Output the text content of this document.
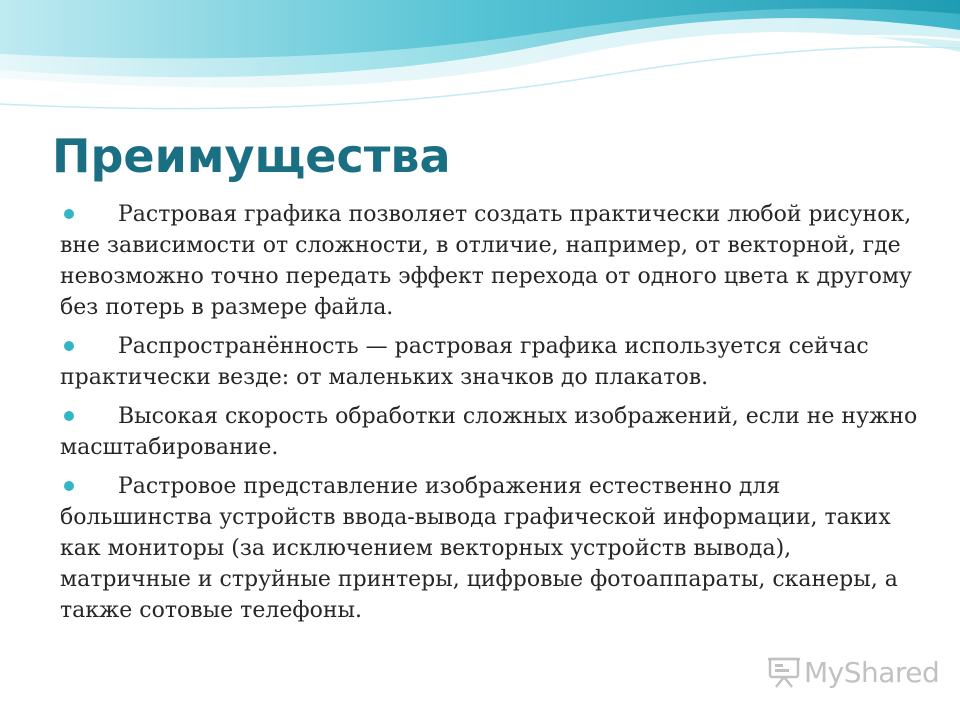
Преимущества
Растровая графика позволяет создать практически любой рисунок, вне зависимости от сложности, в отличие, например, от векторной, где невозможно точно передать эффект перехода от одного цвета к другому без потерь в размере файла.
Распространённость — растровая графика используется сейчас практически везде: от маленьких значков до плакатов.
Высокая скорость обработки сложных изображений, если не нужно масштабирование.
Растровое представление изображения естественно для большинства устройств ввода-вывода графической информации, таких как мониторы (за исключением векторных устройств вывода), матричные и струйные принтеры, цифровые фотоаппараты, сканеры, а также сотовые телефоны.
MyShared
